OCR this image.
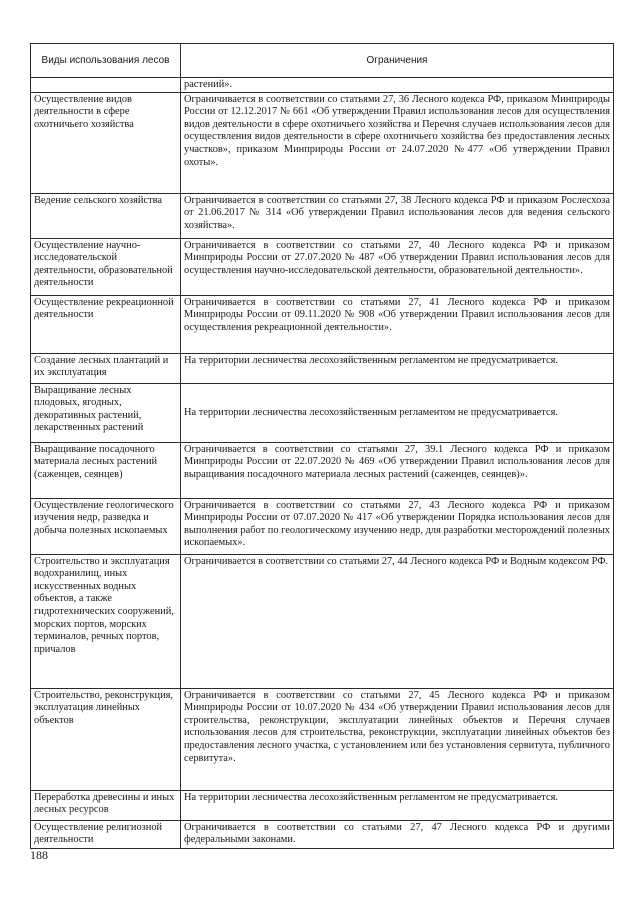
Виды использования лесов	Ограничения
	растений».
Осуществление видов деятельности в сфере охотничьего хозяйства	Ограничивается в соответствии со статьями 27, 36 Лесного кодекса РФ, приказом Минприроды России от 12.12.2017 № 661 «Об утверждении Правил использования лесов для осуществления видов деятельности в сфере охотничьего хозяйства и Перечня случаев использования лесов для осуществления видов деятельности в сфере охотничьего хозяйства без предоставления лесных участков», приказом Минприроды России от 24.07.2020 №477 «Об утверждении Правил охоты».
Ведение сельского хозяйства	Ограничивается в соответствии со статьями 27, 38 Лесного кодекса РФ и приказом Рослесхоза от 21.06.2017 № 314 «Об утверждении Правил использования лесов для ведения сельского хозяйства».
Осуществление научно-исследовательской деятельности, образовательной деятельности	Ограничивается в соответствии со статьями 27, 40 Лесного кодекса РФ и приказом Минприроды России от 27.07.2020 № 487 «Об утверждении Правил использования лесов для осуществления научно-исследовательской деятельности, образовательной деятельности».
Осуществление рекреационной деятельности	Ограничивается в соответствии со статьями 27, 41 Лесного кодекса РФ и приказом Минприроды России от 09.11.2020 № 908 «Об утверждении Правил использования лесов для осуществления рекреационной деятельности».
Создание лесных плантаций и их эксплуатация	На территории лесничества лесохозяйственным регламентом не предусматривается.
Выращивание лесных плодовых, ягодных, декоративных растений, лекарственных растений	На территории лесничества лесохозяйственным регламентом не предусматривается.
Выращивание посадочного материала лесных растений (саженцев, сеянцев)	Ограничивается в соответствии со статьями 27, 39.1 Лесного кодекса РФ и приказом Минприроды России от 22.07.2020 № 469 «Об утверждении Правил использования лесов для выращивания посадочного материала лесных растений (саженцев, сеянцев)».
Осуществление геологического изучения недр, разведка и добыча полезных ископаемых	Ограничивается в соответствии со статьями 27, 43 Лесного кодекса РФ и приказом Минприроды России от 07.07.2020 № 417 «Об утверждении Порядка использования лесов для выполнения работ по геологическому изучению недр, для разработки месторождений полезных ископаемых».
Строительство и эксплуатация водохранилищ, иных искусственных водных объектов, а также гидротехнических сооружений, морских портов, морских терминалов, речных портов, причалов	Ограничивается в соответствии со статьями 27, 44 Лесного кодекса РФ и Водным кодексом РФ.
Строительство, реконструкция, эксплуатация линейных объектов	Ограничивается в соответствии со статьями 27, 45 Лесного кодекса РФ и приказом Минприроды России от 10.07.2020 № 434 «Об утверждении Правил использования лесов для строительства, реконструкции, эксплуатации линейных объектов и Перечня случаев использования лесов для строительства, реконструкции, эксплуатации линейных объектов без предоставления лесного участка, с установлением или без установления сервитута, публичного сервитута».
Переработка древесины и иных лесных ресурсов	На территории лесничества лесохозяйственным регламентом не предусматривается.
Осуществление религиозной деятельности	Ограничивается в соответствии со статьями 27, 47 Лесного кодекса РФ и другими федеральными законами.
188
